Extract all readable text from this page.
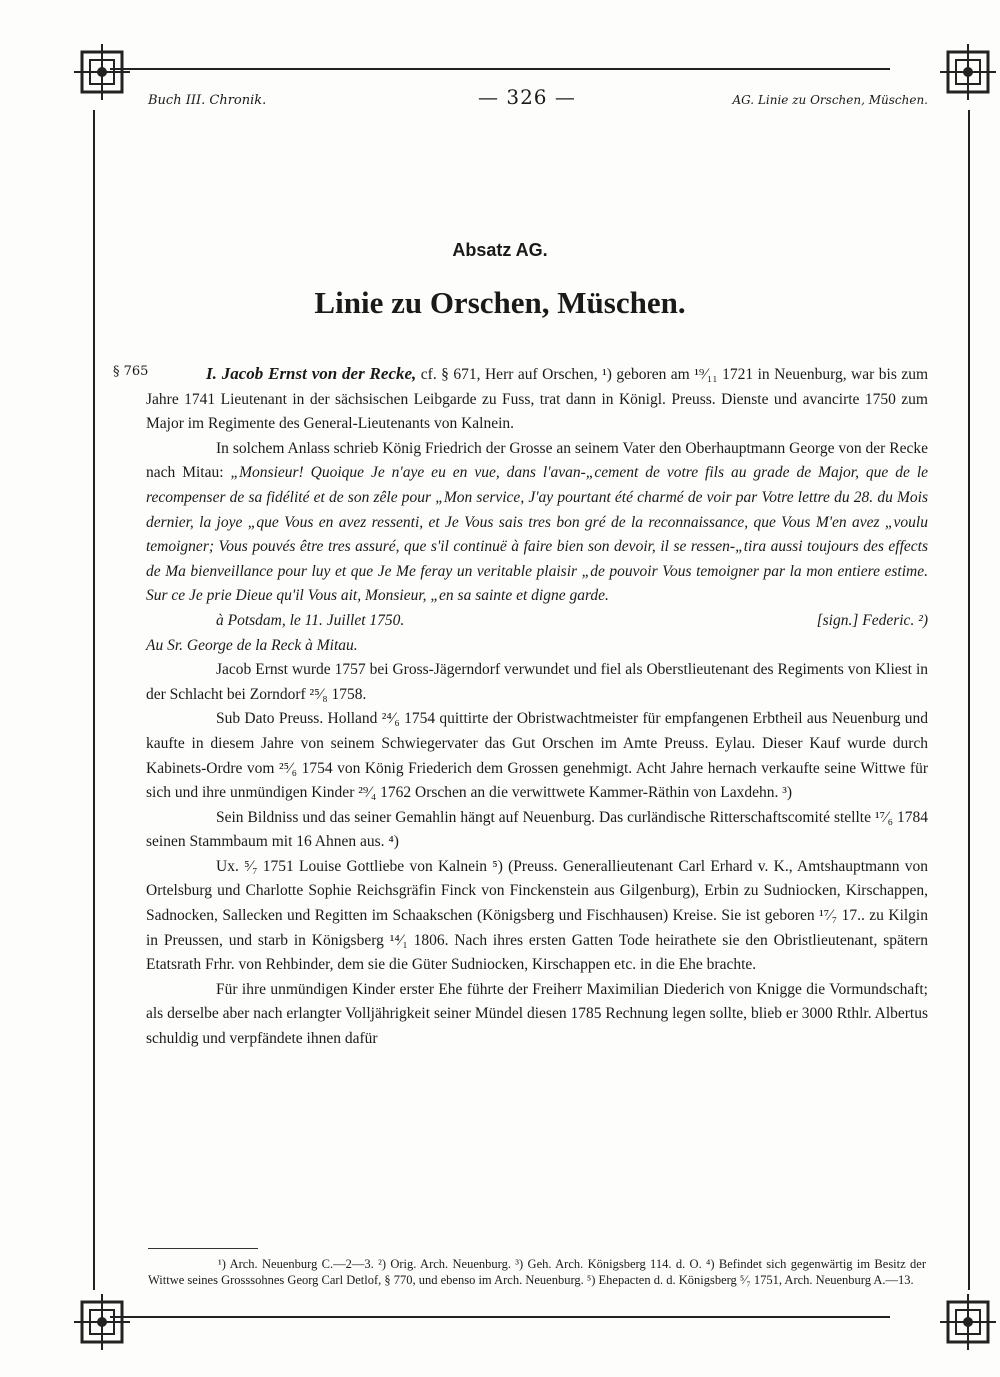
Buch III. Chronik.	— 326 —	AG. Linie zu Orschen, Müschen.
Absatz AG.
Linie zu Orschen, Müschen.
§ 765	I. Jacob Ernst von der Recke, cf. § 671, Herr auf Orschen, ¹) geboren am ¹⁹⁄₁₁ 1721 in Neuenburg, war bis zum Jahre 1741 Lieutenant in der sächsischen Leibgarde zu Fuss, trat dann in Königl. Preuss. Dienste und avancirte 1750 zum Major im Regimente des General-Lieutenants von Kalnein.

In solchem Anlass schrieb König Friedrich der Grosse an seinem Vater den Oberhauptmann George von der Recke nach Mitau: „Monsieur! Quoique Je n'aye eu en vue, dans l'avan-„cement de votre fils au grade de Major, que de le recompenser de sa fidélité et de son zêle pour „Mon service, J'ay pourtant été charmé de voir par Votre lettre du 28. du Mois dernier, la joye „que Vous en avez ressenti, et Je Vous sais tres bon gré de la reconnaissance, que Vous M'en avez „voulu temoigner; Vous pouvés être tres assuré, que s'il continuë à faire bien son devoir, il se ressen-„tira aussi toujours des effects de Ma bienveillance pour luy et que Je Me feray un veritable plaisir „de pouvoir Vous temoigner par la mon entiere estime. Sur ce Je prie Dieue qu'il Vous ait, Monsieur, „en sa sainte et digne garde.

à Potsdam, le 11. Juillet 1750.	[sign.] Federic. ²)

Au Sr. George de la Reck à Mitau.

Jacob Ernst wurde 1757 bei Gross-Jägerndorf verwundet und fiel als Oberstlieutenant des Regiments von Kliest in der Schlacht bei Zorndorf ²⁵⁄₈ 1758.

Sub Dato Preuss. Holland ²⁴⁄₆ 1754 quittirte der Obristwachtmeister für empfangenen Erbtheil aus Neuenburg und kaufte in diesem Jahre von seinem Schwiegervater das Gut Orschen im Amte Preuss. Eylau. Dieser Kauf wurde durch Kabinets-Ordre vom ²⁵⁄₆ 1754 von König Friederich dem Grossen genehmigt. Acht Jahre hernach verkaufte seine Wittwe für sich und ihre unmündigen Kinder ²⁹⁄₄ 1762 Orschen an die verwittwete Kammer-Räthin von Laxdehn. ³)

Sein Bildniss und das seiner Gemahlin hängt auf Neuenburg. Das curländische Ritterschaftscomité stellte ¹⁷⁄₆ 1784 seinen Stammbaum mit 16 Ahnen aus. ⁴)

Ux. ⁵⁄₇ 1751 Louise Gottliebe von Kalnein ⁵) (Preuss. Generallieutenant Carl Erhard v. K., Amtshauptmann von Ortelsburg und Charlotte Sophie Reichsgräfin Finck von Finckenstein aus Gilgenburg), Erbin zu Sudniocken, Kirschappen, Sadnocken, Sallecken und Regitten im Schaakschen (Königsberg und Fischhausen) Kreise. Sie ist geboren ¹⁷⁄₇ 17.. zu Kilgin in Preussen, und starb in Königsberg ¹⁴⁄₁ 1806. Nach ihres ersten Gatten Tode heirathete sie den Obristlieutenant, spätern Etatsrath Frhr. von Rehbinder, dem sie die Güter Sudniocken, Kirschappen etc. in die Ehe brachte.

Für ihre unmündigen Kinder erster Ehe führte der Freiherr Maximilian Diederich von Knigge die Vormundschaft; als derselbe aber nach erlangter Volljährigkeit seiner Mündel diesen 1785 Rechnung legen sollte, blieb er 3000 Rthlr. Albertus schuldig und verpfändete ihnen dafür

¹) Arch. Neuenburg C.—2—3. ²) Orig. Arch. Neuenburg. ³) Geh. Arch. Königsberg 114. d. O. ⁴) Befindet sich gegenwärtig im Besitz der Wittwe seines Grosssohnes Georg Carl Detlof, § 770, und ebenso im Arch. Neuenburg. ⁵) Ehepacten d. d. Königsberg ⁵⁄₇ 1751, Arch. Neuenburg A.—13.
